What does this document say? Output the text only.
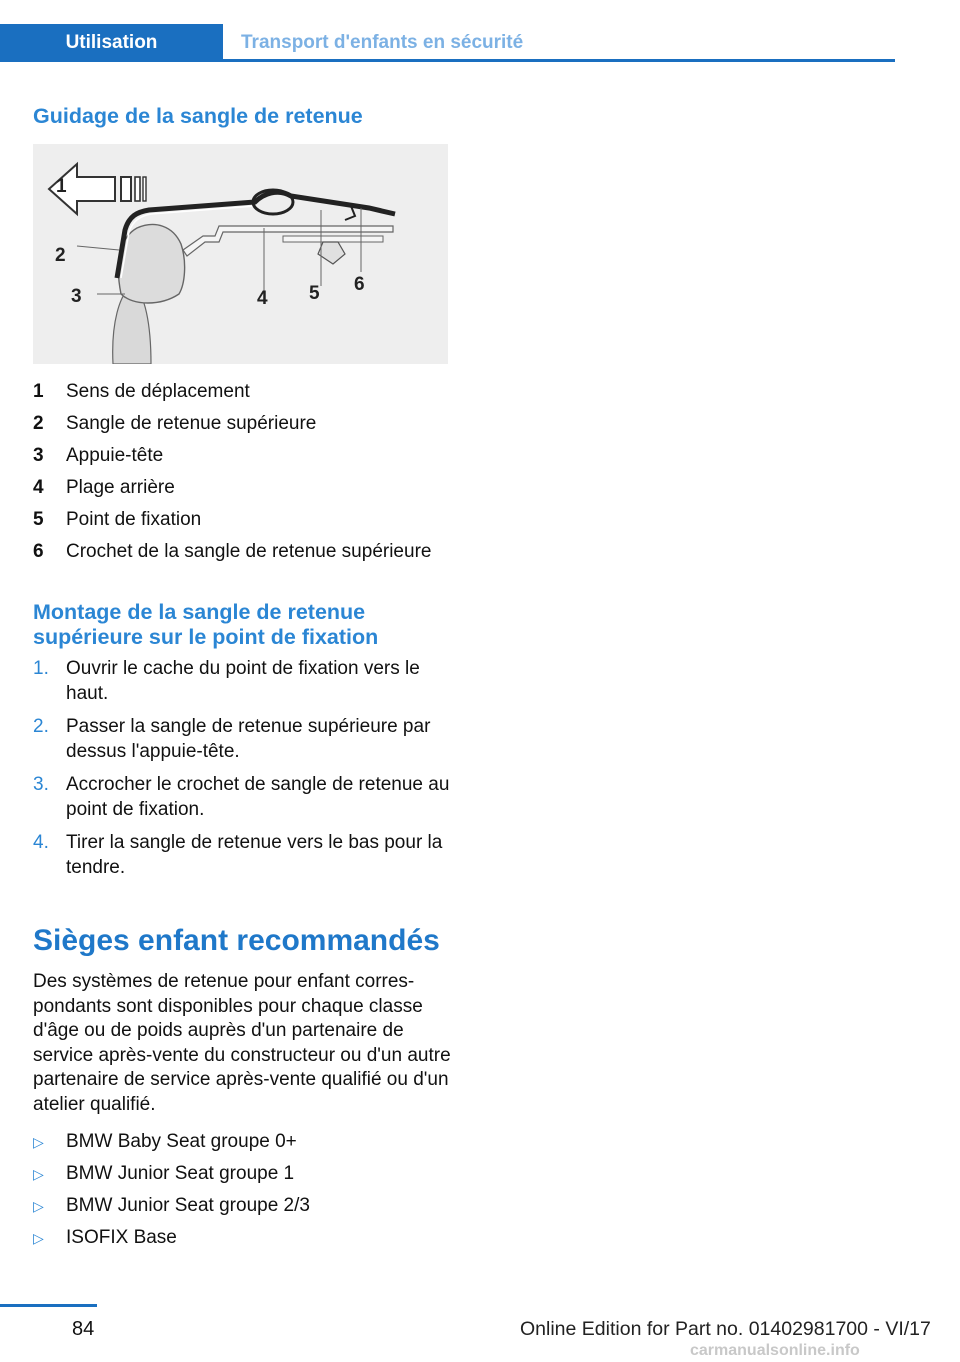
Utilisation	Transport d'enfants en sécurité
Guidage de la sangle de retenue
1
2
3	4 5 6
1	Sens de déplacement
2	Sangle de retenue supérieure
3	Appuie-tête
4	Plage arrière
5	Point de fixation
6	Crochet de la sangle de retenue supérieure
Montage de la sangle de retenue
supérieure sur le point de fixation
1. Ouvrir le cache du point de fixation vers le haut.
2. Passer la sangle de retenue supérieure par dessus l'appuie-tête.
3. Accrocher le crochet de sangle de retenue au point de fixation.
4. Tirer la sangle de retenue vers le bas pour la tendre.
Sièges enfant recommandés

Des systèmes de retenue pour enfant correspondants sont disponibles pour chaque classe d'âge ou de poids auprès d'un partenaire de service après-vente du constructeur ou d'un autre partenaire de service après-vente qualifié ou d'un atelier qualifié.

▷	BMW Baby Seat groupe 0+
▷	BMW Junior Seat groupe 1
▷	BMW Junior Seat groupe 2/3
▷	ISOFIX Base
84	Online Edition for Part no. 01402981700 - VI/17
carmanualsonline.info
